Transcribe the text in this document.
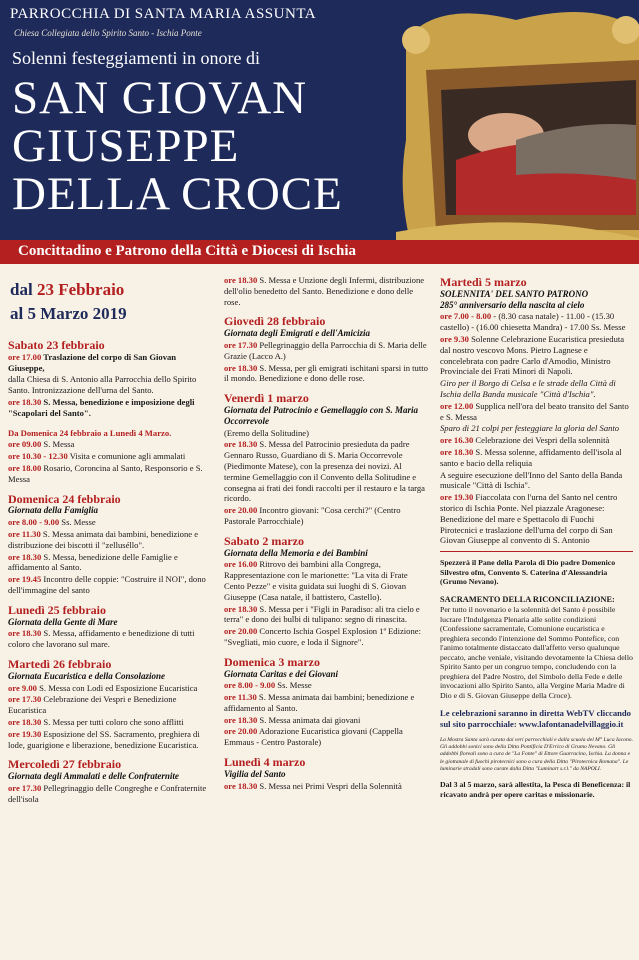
PARROCCHIA DI SANTA MARIA ASSUNTA
Chiesa Collegiata dello Spirito Santo - Ischia Ponte
Solenni festeggiamenti in onore di
SAN GIOVAN
GIUSEPPE
DELLA CROCE
Concittadino e Patrono della Città e Diocesi di Ischia
dal 23 Febbraio
al 5 Marzo 2019
Sabato 23 febbraio
ore 17.00 Traslazione del corpo di San Giovan Giuseppe,
dalla Chiesa di S. Antonio alla Parrocchia dello Spirito Santo. Intronizzazione dell'urna del Santo.
ore 18.30 S. Messa, benedizione e imposizione degli "Scapolari del Santo".
Da Domenica 24 febbraio a Lunedì 4 Marzo.
ore 09.00 S. Messa
ore 10.30 - 12.30 Visita e comunione agli ammalati
ore 18.00 Rosario, Coroncina al Santo, Responsorio e S. Messa
Domenica 24 febbraio
Giornata della Famiglia
ore 8.00 - 9.00 Ss. Messe
ore 11.30 S. Messa animata dai bambini, benedizione e distribuzione dei biscotti il "zelluséllo".
ore 18.30 S. Messa, benedizione delle Famiglie e affidamento al Santo.
ore 19.45 Incontro delle coppie: "Costruire il NOI", dono dell'immagine del santo
Lunedì 25 febbraio
Giornata della Gente di Mare
ore 18.30 S. Messa, affidamento e benedizione di tutti coloro che lavorano sul mare.
Martedì 26 febbraio
Giornata Eucaristica e della Consolazione
ore 9.00 S. Messa con Lodi ed Esposizione Eucaristica
ore 17.30 Celebrazione dei Vespri e Benedizione Eucaristica
ore 18.30 S. Messa per tutti coloro che sono afflitti
ore 19.30 Esposizione del SS. Sacramento, preghiera di lode, guarigione e liberazione, benedizione Eucaristica.
Mercoledì 27 febbraio
Giornata degli Ammalati e delle Confraternite
ore 17.30 Pellegrinaggio delle Congreghe e Confraternite dell'isola
ore 18.30 S. Messa e Unzione degli Infermi, distribuzione dell'olio benedetto del Santo. Benedizione e dono delle rose.
Giovedì 28 febbraio
Giornata degli Emigrati e dell'Amicizia
ore 17.30 Pellegrinaggio della Parrocchia di S. Maria delle Grazie (Lacco A.)
ore 18.30 S. Messa, per gli emigrati ischitani sparsi in tutto il mondo. Benedizione e dono delle rose.
Venerdì 1 marzo
Giornata del Patrocinio e Gemellaggio con S. Maria Occorrevole
(Eremo della Solitudine)
ore 18.30 S. Messa del Patrocinio presieduta da padre Gennaro Russo, Guardiano di S. Maria Occorrevole (Piedimonte Matese), con la presenza dei novizi. Al termine Gemellaggio con il Convento della Solitudine e consegna ai frati dei fondi raccolti per il restauro e la targa ricordo.
ore 20.00 Incontro giovani: "Cosa cerchi?" (Centro Pastorale Parrocchiale)
Sabato 2 marzo
Giornata della Memoria e dei Bambini
ore 16.00 Ritrovo dei bambini alla Congrega, Rappresentazione con le marionette: "La vita di Frate Cento Pezze" e visita guidata sui luoghi di S. Giovan Giuseppe (Casa natale, il battistero, Castello).
ore 18.30 S. Messa per i "Figli in Paradiso: ali tra cielo e terra" e dono dei bulbi di tulipano: segno di rinascita.
ore 20.00 Concerto Ischia Gospel Explosion 1ª Edizione: "Svegliati, mio cuore, e loda il Signore".
Domenica 3 marzo
Giornata Caritas e dei Giovani
ore 8.00 - 9.00 Ss. Messe
ore 11.30 S. Messa animata dai bambini; benedizione e affidamento al Santo.
ore 18.30 S. Messa animata dai giovani
ore 20.00 Adorazione Eucaristica giovani (Cappella Emmaus - Centro Pastorale)
Lunedì 4 marzo
Vigilia del Santo
ore 18.30 S. Messa nei Primi Vespri della Solennità
Martedì 5 marzo
SOLENNITA' DEL SANTO PATRONO
285° anniversario della nascita al cielo
ore 7.00 - 8.00 - (8.30 casa natale) - 11.00 - (15.30 castello) - (16.00 chiesetta Mandra) - 17.00 Ss. Messe
ore 9.30 Solenne Celebrazione Eucaristica presieduta dal nostro vescovo Mons. Pietro Lagnese e concelebrata con padre Carlo d'Amodio, Ministro Provinciale dei Frati Minori di Napoli.
Giro per il Borgo di Celsa e le strade della Città di Ischia della Banda musicale "Città d'Ischia".
ore 12.00 Supplica nell'ora del beato transito del Santo e S. Messa
Sparo di 21 colpi per festeggiare la gloria del Santo
ore 16.30 Celebrazione dei Vespri della solennità
ore 18.30 S. Messa solenne, affidamento dell'isola al santo e bacio della reliquia
A seguire esecuzione dell'Inno del Santo della Banda musicale "Città di Ischia".
ore 19.30 Fiaccolata con l'urna del Santo nel centro storico di Ischia Ponte. Nel piazzale Aragonese: Benedizione del mare e Spettacolo di Fuochi Pirotecnici e traslazione dell'urna del corpo di San Giovan Giuseppe al convento di S. Antonio
Spezzerà il Pane della Parola di Dio padre Domenico Silvestro ofm, Convento S. Caterina d'Alessandria (Grumo Nevano).
SACRAMENTO DELLA RICONCILIAZIONE:
Per tutto il novenario e la solennità del Santo è possibile lucrare l'Indulgenza Plenaria alle solite condizioni (Confessione sacramentale, Comunione eucaristica e preghiera secondo l'intenzione del Sommo Pontefice, con l'animo totalmente distaccato dall'affetto verso qualunque peccato, anche veniale, visitando devotamente la Chiesa dello Spirito Santo per un congruo tempo, concludendo con la preghiera del Padre Nostro, del Simbolo della Fede e delle invocazioni allo Spirito Santo, alla Vergine Maria Madre di Dio e di S. Giovan Giuseppe della Croce).
Le celebrazioni saranno in diretta WebTV cliccando sul sito parrocchiale: www.lafontanadelvillaggio.it
La Mostra Santa sarà curata dai veri parrocchiali e dalla scuola del M° Luca Iacono. Gli addobbi sonici sono della Ditta Pontificia D'Errico di Grumo Nevano. Gli addobbi floreali sono a cura de "La Fonte" di Ettore Guarracino, Ischia. La donna e le giottanale di fuochi pirotecnici sono a cura della Ditta "Pirotecnica Romana". Le luminarie stradali sono curate dalla Ditta "Luminart s.r.l." da NAPOLI.
Dal 3 al 5 marzo, sarà allestita, la Pesca di Beneficenza: il ricavato andrà per opere caritas e missionarie.
